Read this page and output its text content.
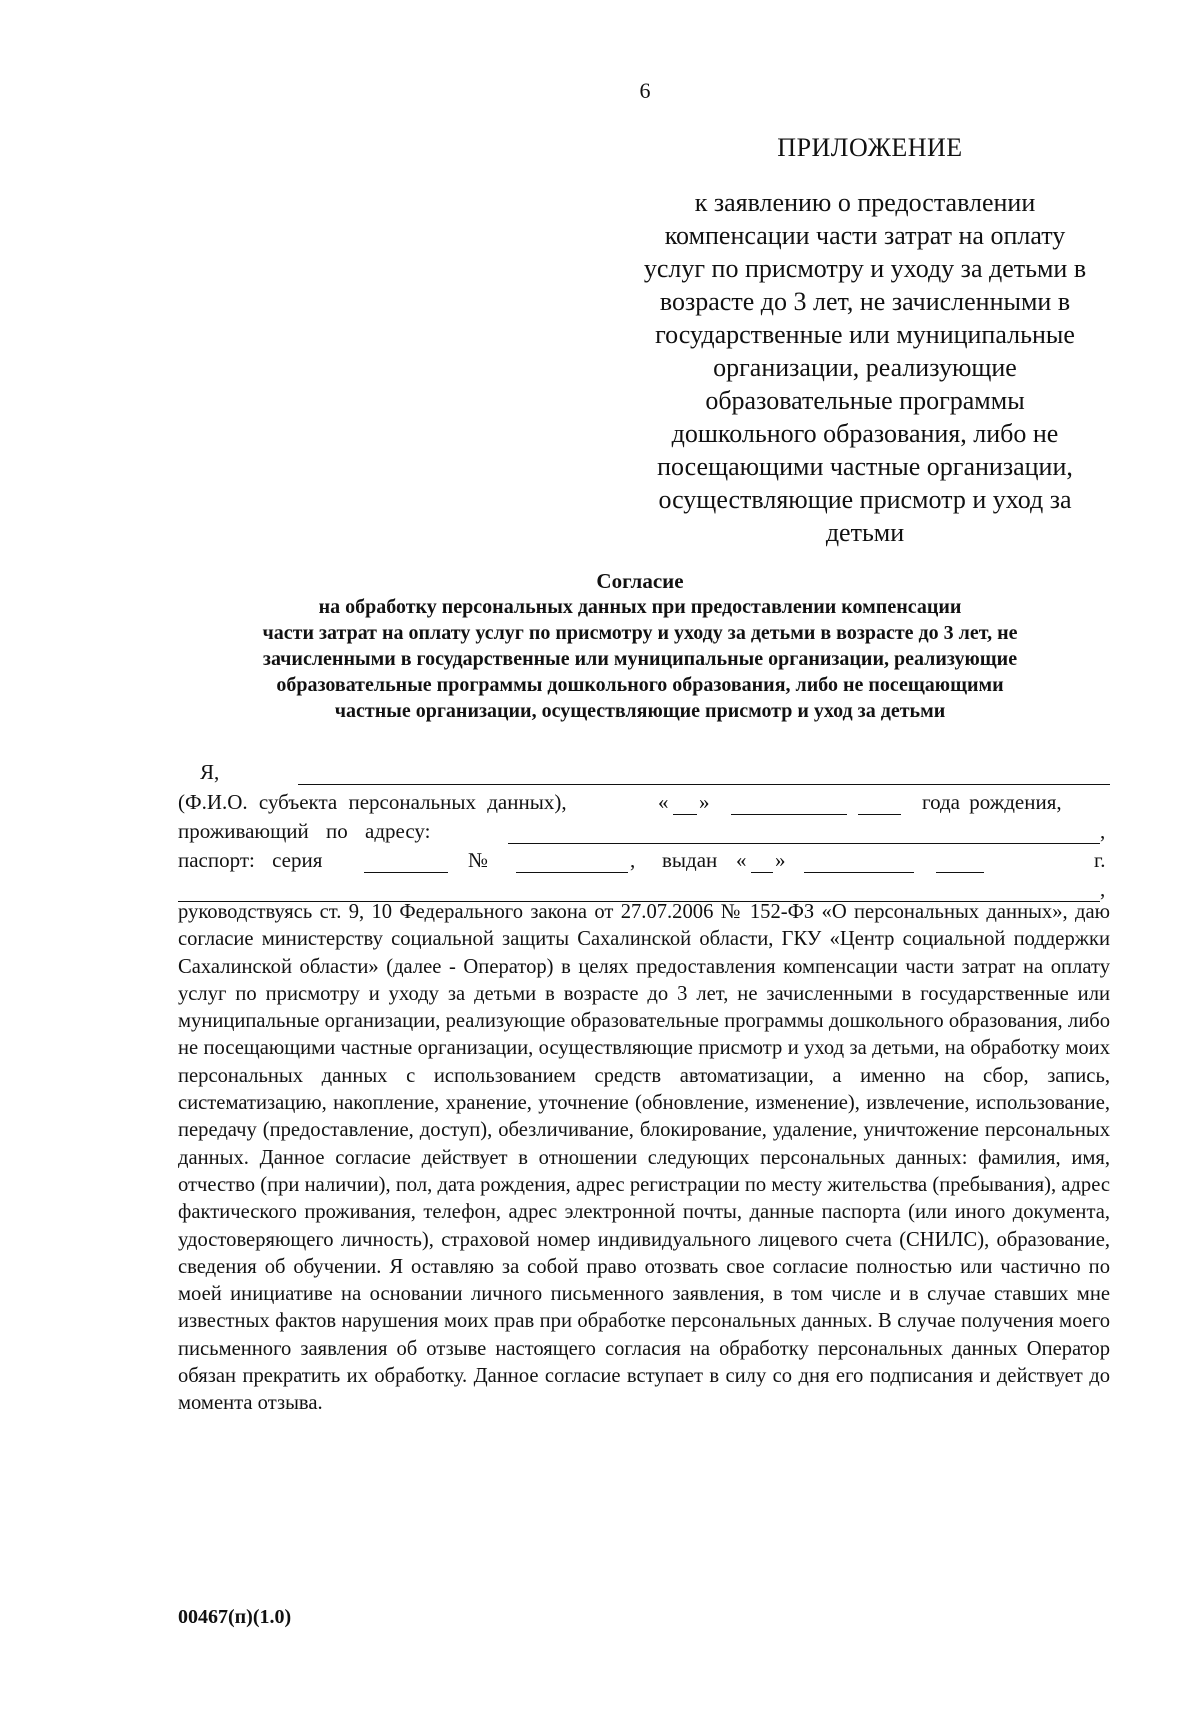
6
ПРИЛОЖЕНИЕ
к заявлению о предоставлении
компенсации части затрат на оплату
услуг по присмотру и уходу за детьми в
возрасте до 3 лет, не зачисленными в
государственные или муниципальные
организации, реализующие
образовательные программы
дошкольного образования, либо не
посещающими частные организации,
осуществляющие присмотр и уход за
детьми
Согласие
на обработку персональных данных при предоставлении компенсации
части затрат на оплату услуг по присмотру и уходу за детьми в возрасте до 3 лет, не
зачисленными в государственные или муниципальные организации, реализующие
образовательные программы дошкольного образования, либо не посещающими
частные организации, осуществляющие присмотр и уход за детьми
Я,
(Ф.И.О. субъекта персональных данных),	« »	года рождения,
проживающий по адресу:	,
паспорт: серия	№	, выдан « »	г.
,
руководствуясь ст. 9, 10 Федерального закона от 27.07.2006 № 152-ФЗ «О персональных данных», даю согласие министерству социальной защиты Сахалинской области, ГКУ «Центр социальной поддержки Сахалинской области» (далее - Оператор) в целях предоставления компенсации части затрат на оплату услуг по присмотру и уходу за детьми в возрасте до 3 лет, не зачисленными в государственные или муниципальные организации, реализующие образовательные программы дошкольного образования, либо не посещающими частные организации, осуществляющие присмотр и уход за детьми, на обработку моих персональных данных с использованием средств автоматизации, а именно на сбор, запись, систематизацию, накопление, хранение, уточнение (обновление, изменение), извлечение, использование, передачу (предоставление, доступ), обезличивание, блокирование, удаление, уничтожение персональных данных. Данное согласие действует в отношении следующих персональных данных: фамилия, имя, отчество (при наличии), пол, дата рождения, адрес регистрации по месту жительства (пребывания), адрес фактического проживания, телефон, адрес электронной почты, данные паспорта (или иного документа, удостоверяющего личность), страховой номер индивидуального лицевого счета (СНИЛС), образование, сведения об обучении. Я оставляю за собой право отозвать свое согласие полностью или частично по моей инициативе на основании личного письменного заявления, в том числе и в случае ставших мне известных фактов нарушения моих прав при обработке персональных данных. В случае получения моего письменного заявления об отзыве настоящего согласия на обработку персональных данных Оператор обязан прекратить их обработку. Данное согласие вступает в силу со дня его подписания и действует до момента отзыва.
00467(п)(1.0)
